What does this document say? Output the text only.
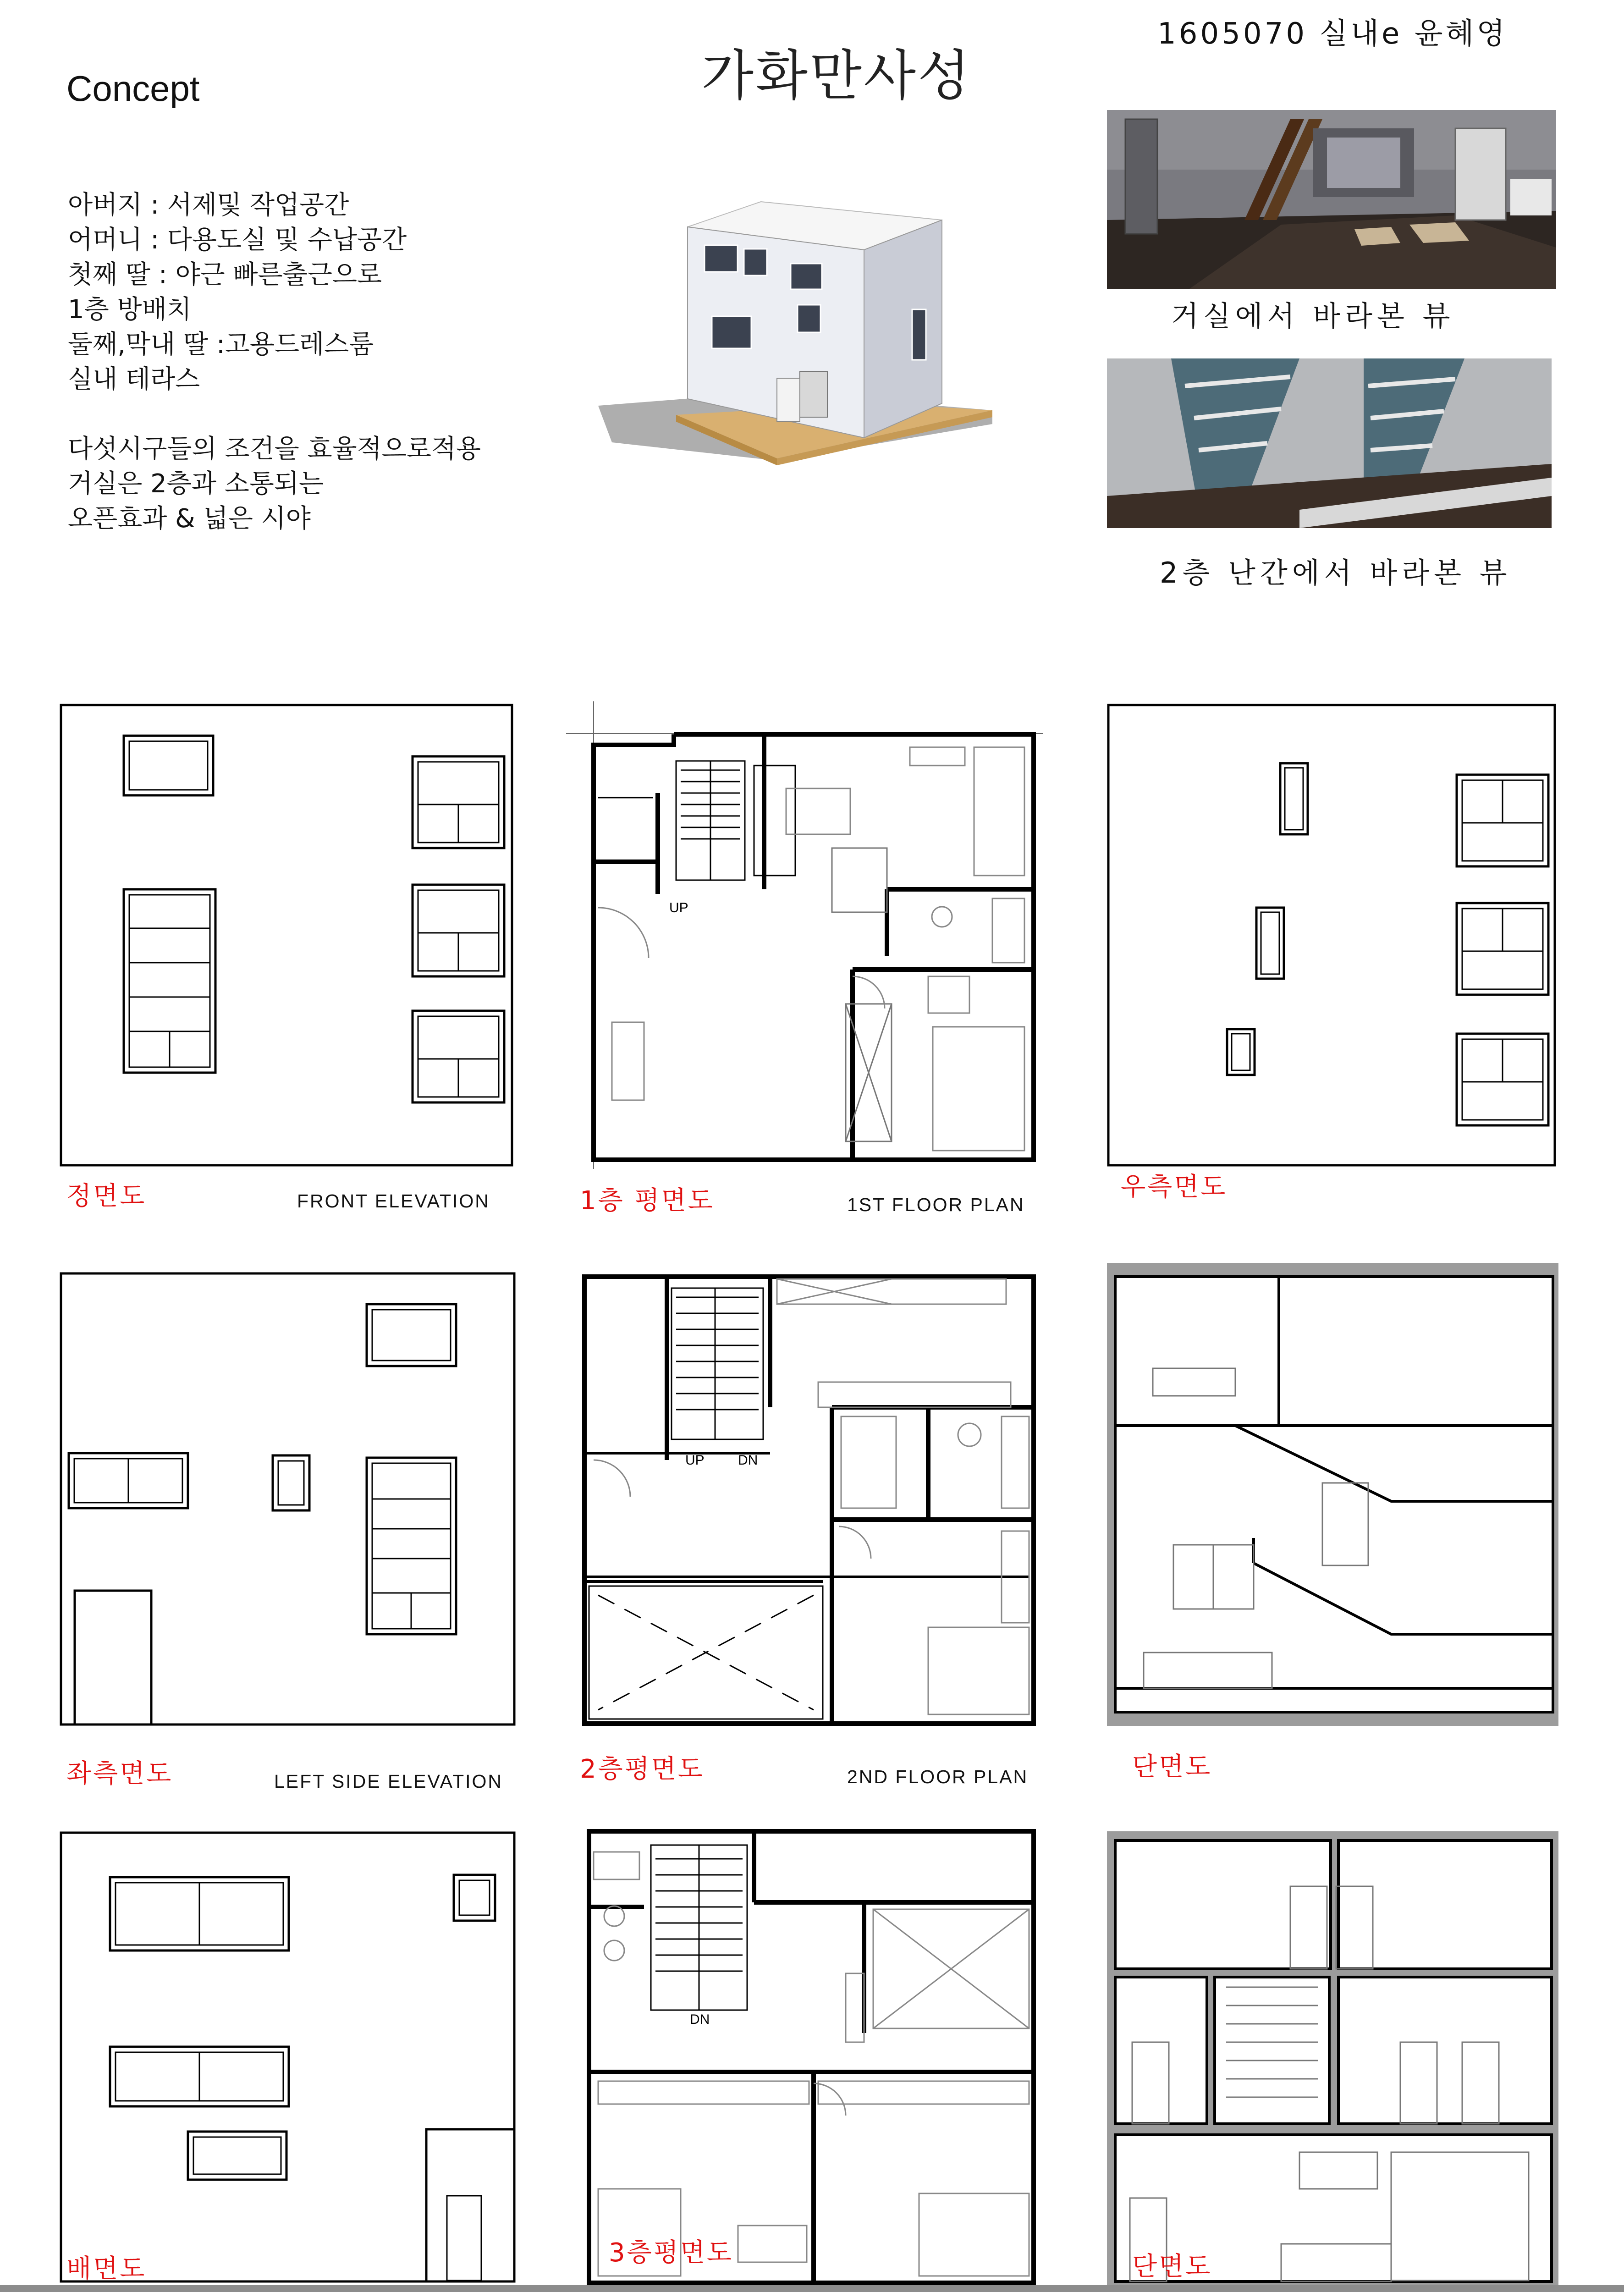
가화만사성
1605070 실내e 윤혜영
Concept
아버지 : 서제및 작업공간
어머니 : 다용도실 및 수납공간
첫째 딸 : 야근 빠른출근으로
1층 방배치
둘째,막내 딸 :고용드레스룸
실내 테라스
다섯시구들의 조건을 효율적으로적용
거실은 2층과 소통되는
오픈효과 & 넓은 시야
거실에서 바라본 뷰
2층 난간에서 바라본 뷰
정면도	FRONT ELEVATION
UP
1층 평면도	1ST FLOOR PLAN
우측면도
좌측면도	LEFT SIDE ELEVATION
UP DN
2층평면도	2ND FLOOR PLAN	단면도
배면도
DN
3층평면도	단면도
